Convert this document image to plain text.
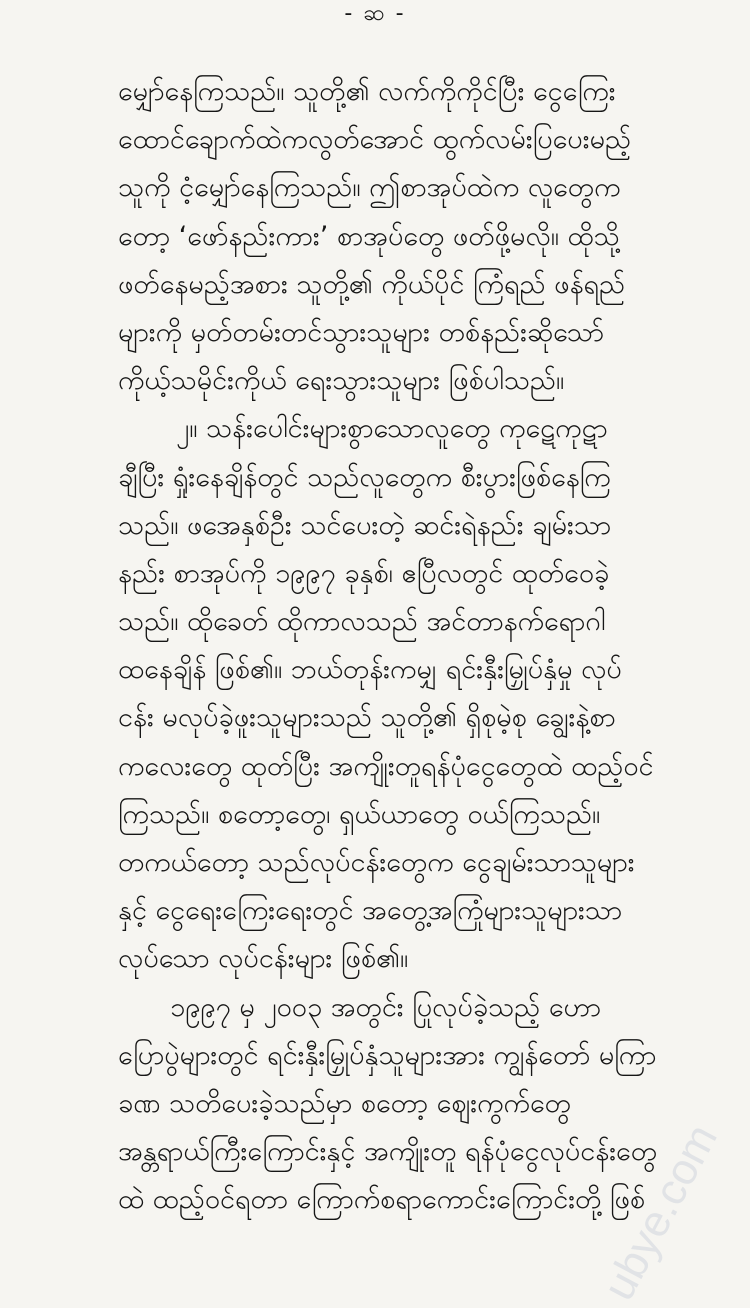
- ဆ -
မျှော်နေကြသည်။ သူတို့၏ လက်ကိုကိုင်ပြီး ငွေကြေး
ထောင်ချောက်ထဲကလွတ်အောင် ထွက်လမ်းပြပေးမည့်
သူကို ငံ့မျှော်နေကြသည်။ ဤစာအုပ်ထဲက လူတွေက
တော့ ‘ဖော်နည်းကား’ စာအုပ်တွေ ဖတ်ဖို့မလို။ ထိုသို့
ဖတ်နေမည့်အစား သူတို့၏ ကိုယ်ပိုင် ကြံရည် ဖန်ရည်
များကို မှတ်တမ်းတင်သွားသူများ တစ်နည်းဆိုသော်
ကိုယ့်သမိုင်းကိုယ် ရေးသွားသူများ ဖြစ်ပါသည်။
၂။ သန်းပေါင်းများစွာသောလူတွေ ကုဋေကုဋာ
ချီပြီး ရှုံးနေချိန်တွင် သည်လူတွေက စီးပွားဖြစ်နေကြ
သည်။ ဖအေနှစ်ဦး သင်ပေးတဲ့ ဆင်းရဲနည်း ချမ်းသာ
နည်း စာအုပ်ကို ၁၉၉၇ ခုနှစ်၊ ဧပြီလတွင် ထုတ်ဝေခဲ့
သည်။ ထိုခေတ် ထိုကာလသည် အင်တာနက်ရောဂါ
ထနေချိန် ဖြစ်၏။ ဘယ်တုန်းကမျှ ရင်းနှီးမြှုပ်နှံမှု လုပ်
ငန်း မလုပ်ခဲ့ဖူးသူများသည် သူတို့၏ ရှိစုမဲ့စု ချွေးနဲ့စာ
ကလေးတွေ ထုတ်ပြီး အကျိုးတူရန်ပုံငွေတွေထဲ ထည့်ဝင်
ကြသည်။ စတော့တွေ၊ ရှယ်ယာတွေ ဝယ်ကြသည်။
တကယ်တော့ သည်လုပ်ငန်းတွေက ငွေချမ်းသာသူများ
နှင့် ငွေရေးကြေးရေးတွင် အတွေ့အကြုံများသူများသာ
လုပ်သော လုပ်ငန်းများ ဖြစ်၏။
၁၉၉၇ မှ ၂၀၀၃ အတွင်း ပြုလုပ်ခဲ့သည့် ဟော
ပြောပွဲများတွင် ရင်းနှီးမြှုပ်နှံသူများအား ကျွန်တော် မကြာ
ခဏ သတိပေးခဲ့သည်မှာ စတော့ ဈေးကွက်တွေ
အန္တရာယ်ကြီးကြောင်းနှင့် အကျိုးတူ ရန်ပုံငွေလုပ်ငန်းတွေ
ထဲ ထည့်ဝင်ရတာ ကြောက်စရာကောင်းကြောင်းတို့ ဖြစ်
ubye.com
